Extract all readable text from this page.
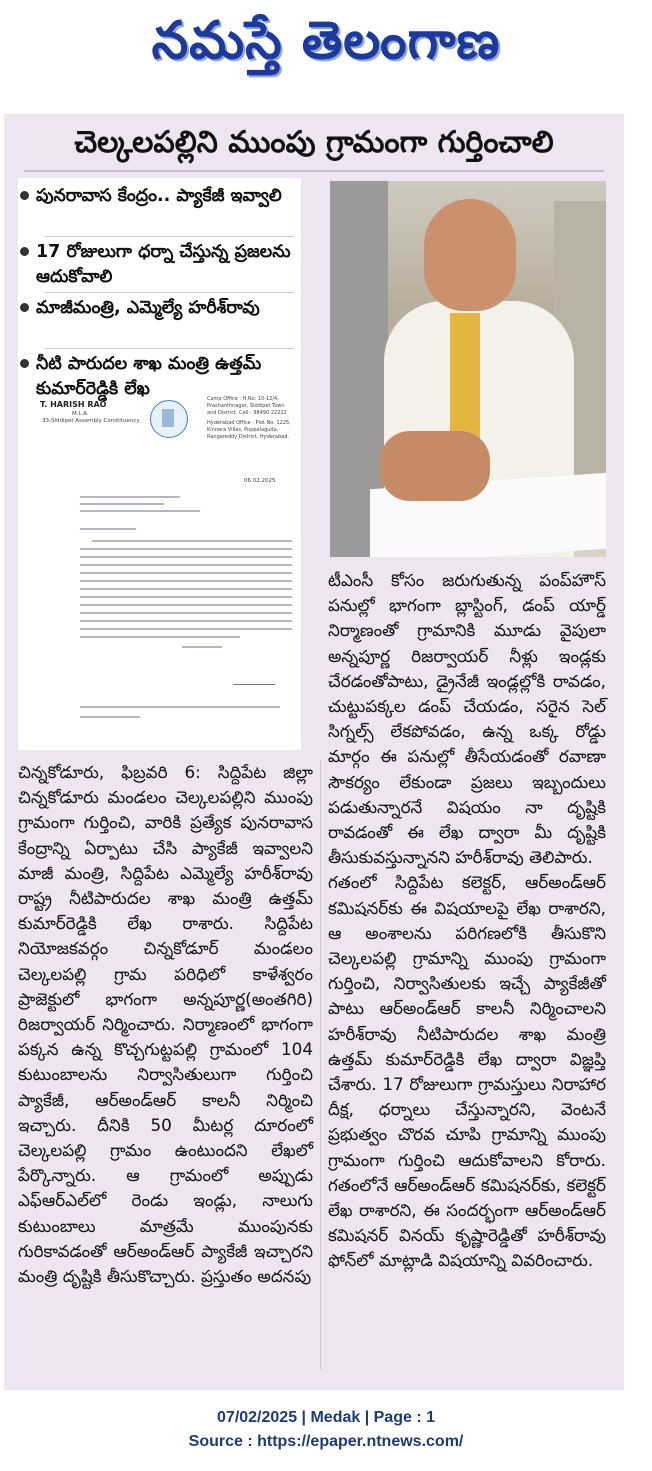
నమస్తే తెలంగాణ
చెల్కలపల్లిని ముంపు గ్రామంగా గుర్తించాలి
పునరావాస కేంద్రం.. ప్యాకేజీ ఇవ్వాలి
17 రోజులుగా ధర్నా చేస్తున్న ప్రజలను ఆదుకోవాలి
మాజీమంత్రి, ఎమ్మెల్యే హరీశ్‌రావు
నీటి పారుదల శాఖ మంత్రి ఉత్తమ్ కుమార్‌రెడ్డికి లేఖ
T. HARISH RAO
M.L.A.
33-Siddipet Assembly Constituency
Camp Office : H.No. 10-12/4, Prashanthnagar, Siddipet Town and District. Cell : 98490 22222
Hyderabad Office : Plot No. 1225, Kinnera Villas, Puppalaguda, Rangareddy District, Hyderabad.
06.02.2025

టీఎంసీ కోసం జరుగుతున్న పంప్‌హౌస్ పనుల్లో భాగంగా బ్లాస్టింగ్, డంప్ యార్డ్ నిర్మాణంతో గ్రామానికి మూడు వైపులా అన్నపూర్ణ రిజర్వాయర్ నీళ్లు ఇండ్లకు చేరడంతోపాటు, డ్రైనేజీ ఇండ్లల్లోకి రావడం, చుట్టుపక్కల డంప్ చేయడం, సరైన సెల్ సిగ్నల్స్ లేకపోవడం, ఉన్న ఒక్క రోడ్డు మార్గం ఈ పనుల్లో తీసేయడంతో రవాణా సౌకర్యం లేకుండా ప్రజలు ఇబ్బందులు పడుతున్నారనే విషయం నా దృష్టికి రావడంతో ఈ లేఖ ద్వారా మీ దృష్టికి తీసుకువస్తున్నానని హరీశ్‌రావు తెలిపారు.

గతంలో సిద్దిపేట కలెక్టర్, ఆర్‌అండ్‌ఆర్ కమిషనర్‌కు ఈ విషయాలపై లేఖ రాశారని, ఆ అంశాలను పరిగణలోకి తీసుకొని చెల్కలపల్లి గ్రామాన్ని ముంపు గ్రామంగా గుర్తించి, నిర్వాసితులకు ఇచ్చే ప్యాకేజీతో పాటు ఆర్‌అండ్‌ఆర్ కాలనీ నిర్మించాలని హరీశ్‌రావు నీటిపారుదల శాఖ మంత్రి ఉత్తమ్ కుమార్‌రెడ్డికి లేఖ ద్వారా విజ్ఞప్తి చేశారు. 17 రోజులుగా గ్రామస్తులు నిరాహార దీక్ష, ధర్నాలు చేస్తున్నారని, వెంటనే ప్రభుత్వం చొరవ చూపి గ్రామాన్ని ముంపు గ్రామంగా గుర్తించి ఆదుకోవాలని కోరారు. గతంలోనే ఆర్‌అండ్‌ఆర్ కమిషనర్‌కు, కలెక్టర్ లేఖ రాశారని, ఈ సందర్భంగా ఆర్‌అండ్‌ఆర్ కమిషనర్ వినయ్ కృష్ణారెడ్డితో హరీశ్‌రావు ఫోన్‌లో మాట్లాడి విషయాన్ని వివరించారు.

చిన్నకోడూరు, ఫిబ్రవరి 6: సిద్దిపేట జిల్లా చిన్నకోడూరు మండలం చెల్కలపల్లిని ముంపు గ్రామంగా గుర్తించి, వారికి ప్రత్యేక పునరావాస కేంద్రాన్ని ఏర్పాటు చేసి ప్యాకేజీ ఇవ్వాలని మాజీ మంత్రి, సిద్దిపేట ఎమ్మెల్యే హరీశ్‌రావు రాష్ట్ర నీటిపారుదల శాఖ మంత్రి ఉత్తమ్ కుమార్‌రెడ్డికి లేఖ రాశారు. సిద్దిపేట నియోజకవర్గం చిన్నకోడూర్ మండలం చెల్కలపల్లి గ్రామ పరిధిలో కాళేశ్వరం ప్రాజెక్టులో భాగంగా అన్నపూర్ణ(అంతగిరి) రిజర్వాయర్ నిర్మించారు. నిర్మాణంలో భాగంగా పక్కన ఉన్న కొచ్చగుట్టపల్లి గ్రామంలో 104 కుటుంబాలను నిర్వాసితులుగా గుర్తించి ప్యాకేజీ, ఆర్‌అండ్‌ఆర్ కాలనీ నిర్మించి ఇచ్చారు. దీనికి 50 మీటర్ల దూరంలో చెల్కలపల్లి గ్రామం ఉంటుందని లేఖలో పేర్కొన్నారు. ఆ గ్రామంలో అప్పుడు ఎఫ్‌ఆర్‌ఎల్‌లో రెండు ఇండ్లు, నాలుగు కుటుంబాలు మాత్రమే ముంపునకు గురికావడంతో ఆర్‌అండ్‌ఆర్ ప్యాకేజీ ఇచ్చారని మంత్రి దృష్టికి తీసుకొచ్చారు. ప్రస్తుతం అదనపు

07/02/2025 | Medak | Page : 1
Source : https://epaper.ntnews.com/
